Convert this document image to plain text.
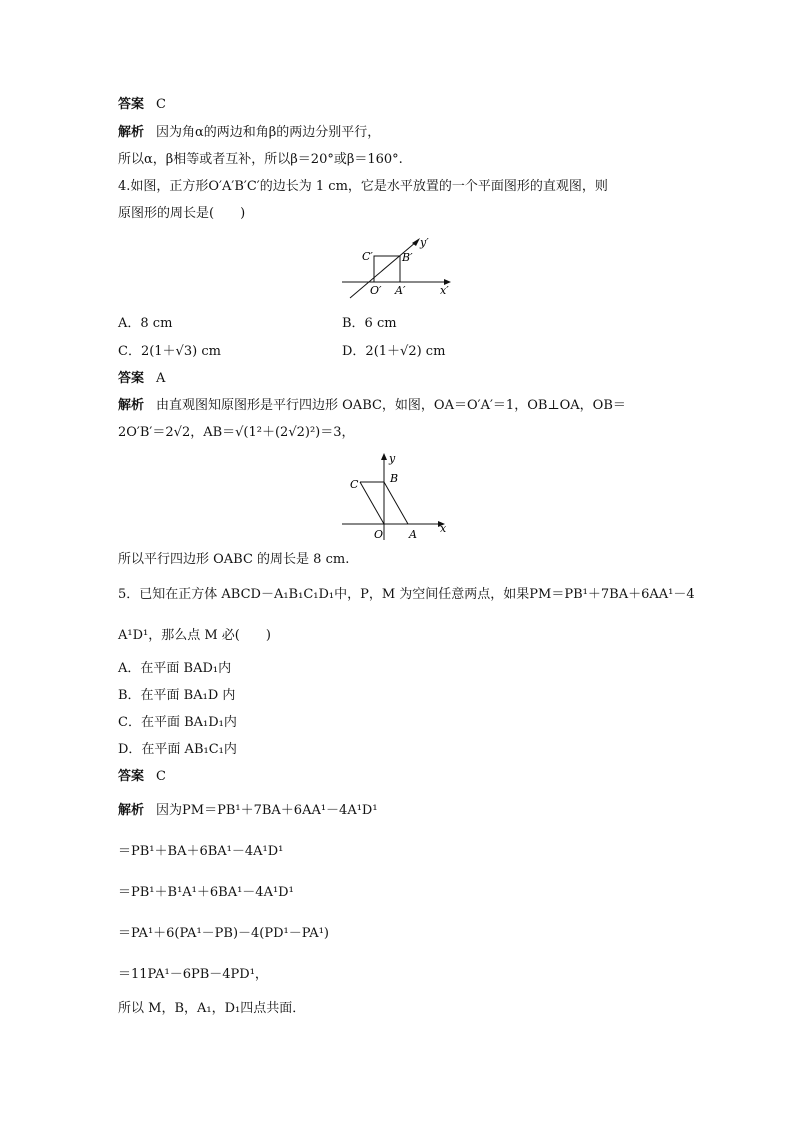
答案 C
解析 因为角α的两边和角β的两边分别平行，
所以α，β相等或者互补，所以β＝20°或β＝160°.
4.如图，正方形O′A′B′C′的边长为 1 cm，它是水平放置的一个平面图形的直观图，则
原图形的周长是(　　)
C′	B′
O′ A′	x′
y′
A．8 cm	B．6 cm
C．2(1＋√3) cm	D．2(1＋√2) cm
答案 A
解析 由直观图知原图形是平行四边形 OABC，如图，OA＝O′A′＝1，OB⊥OA，OB＝
2O′B′＝2√2，AB＝√(1²＋(2√2)²)＝3，
y
B
C
O A x
所以平行四边形 OABC 的周长是 8 cm.
5．已知在正方体 ABCD－A₁B₁C₁D₁中，P，M 为空间任意两点，如果PM＝PB¹＋7BA＋6AA¹－4
A¹D¹，那么点 M 必(　　)
A．在平面 BAD₁内
B．在平面 BA₁D 内
C．在平面 BA₁D₁内
D．在平面 AB₁C₁内
答案 C
解析 因为PM＝PB¹＋7BA＋6AA¹－4A¹D¹
＝PB¹＋BA＋6BA¹－4A¹D¹
＝PB¹＋B¹A¹＋6BA¹－4A¹D¹
＝PA¹＋6(PA¹－PB)－4(PD¹－PA¹)
＝11PA¹－6PB－4PD¹，
所以 M，B，A₁，D₁四点共面．
